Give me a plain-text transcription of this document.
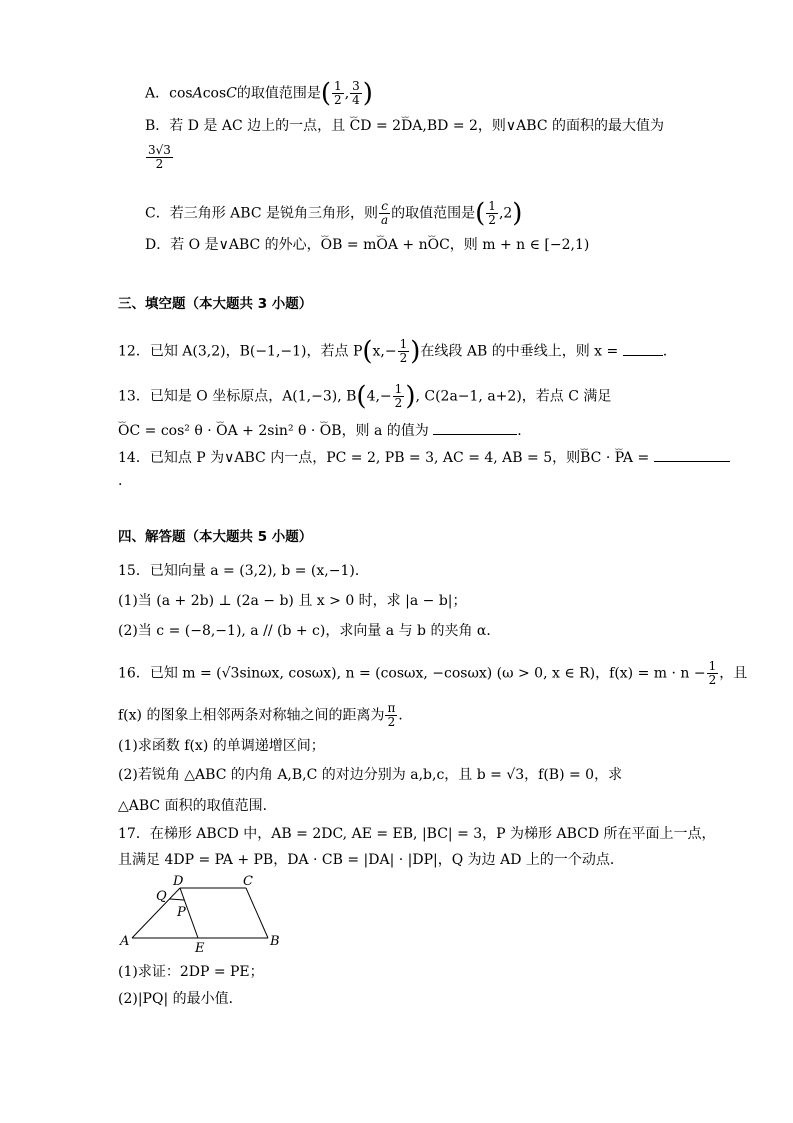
A．cosAcosC的取值范围是( $\frac{1}{2}$ , $\frac{3}{4}$ )
B．若 D 是 AC 边上的一点，且 ⌣⌣ CD = 2⌣⌣ DA,BD = 2，则∨ABC 的面积的最大值为
$\frac{3√3}{2}$
C．若三角形 ABC 是锐角三角形，则 $\frac{c}{a}$ 的取值范围是( $\frac{1}{2} ,2$)
D．若 O 是∨ABC 的外心，⌣⌣ OB = m⌣⌣ OA + n⌣⌣ OC，则 m + n ∈ [−2,1)
三、填空题（本大题共 3 小题）
12．已知 A(3,2)，B(−1,−1)，若点 $P(x,- \frac{1}{2}$ )在线段 AB 的中垂线上，则 x =	.
13．已知是 O 坐标原点，A(1,−3), $B(4,- \frac{1}{2}$ ), C(2a−1, a+2)，若点 C 满足
⌣⌣ OC = cos² θ · ⌣⌣ OA + 2sin² θ · ⌣⌣ OB，则 a 的值为	.
14．已知点 P 为∨ABC 内一点，PC = 2, PB = 3, AC = 4, AB = 5，则⌣⌣ BC · ⌣⌣ PA =
.
四、解答题（本大题共 5 小题）
15．已知向量 a = (3,2), b = (x,−1)．
(1)当 (a + 2b) ⊥ (2a − b) 且 x > 0 时，求 |a − b|；
(2)当 c = (−8,−1), a // (b + c)，求向量 a 与 b 的夹角 α．
16．已知 m = (√3sinωx, cosωx), n = (cosωx, −cosωx) (ω > 0, x ∈ R)，$f(x) = m \cdot n - \frac{1}{2}$ ，且
f(x) 的图象上相邻两条对称轴之间的距离为 $\frac{\pi}{2}$ ．
(1)求函数 f(x) 的单调递增区间；
(2)若锐角 △ABC 的内角 A,B,C 的对边分别为 a,b,c，且 b = √3，f(B) = 0，求
△ABC 面积的取值范围．
17．在梯形 ABCD 中，AB = 2DC, AE = EB, |BC| = 3，P 为梯形 ABCD 所在平面上一点，
且满足 4DP = PA + PB，DA · CB = |DA| · |DP|，Q 为边 AD 上的一个动点．
Q
D	C
P
A	E	B
(1)求证：2DP = PE；
(2)|PQ| 的最小值．
